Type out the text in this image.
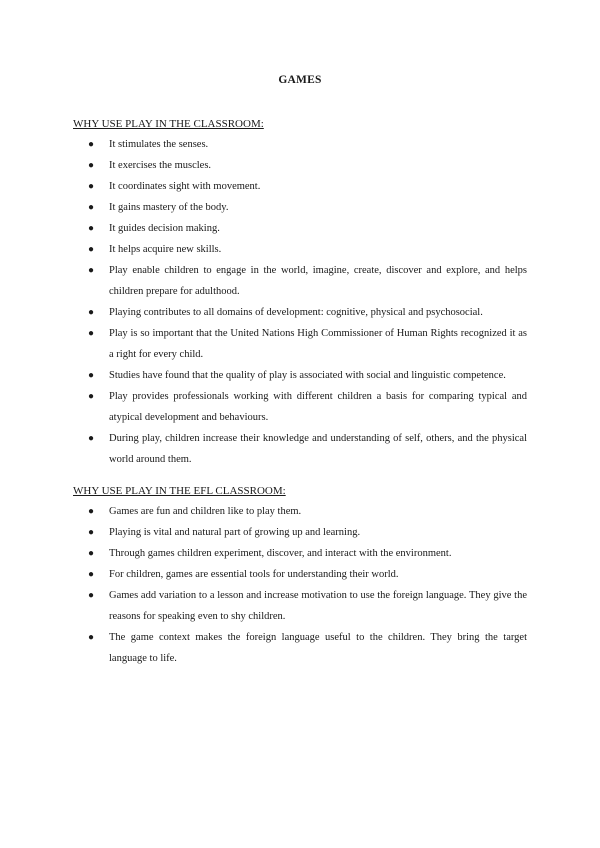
GAMES

WHY USE PLAY IN THE CLASSROOM:

● It stimulates the senses.
● It exercises the muscles.
● It coordinates sight with movement.
● It gains mastery of the body.
● It guides decision making.
● It helps acquire new skills.
● Play enable children to engage in the world, imagine, create, discover and explore, and helps children prepare for adulthood.
● Playing contributes to all domains of development: cognitive, physical and psychosocial.
● Play is so important that the United Nations High Commissioner of Human Rights recognized it as a right for every child.
● Studies have found that the quality of play is associated with social and linguistic competence.
● Play provides professionals working with different children a basis for comparing typical and atypical development and behaviours.
● During play, children increase their knowledge and understanding of self, others, and the physical world around them.

WHY USE PLAY IN THE EFL CLASSROOM:

● Games are fun and children like to play them.
● Playing is vital and natural part of growing up and learning.
● Through games children experiment, discover, and interact with the environment.
● For children, games are essential tools for understanding their world.
● Games add variation to a lesson and increase motivation to use the foreign language. They give the reasons for speaking even to shy children.
● The game context makes the foreign language useful to the children. They bring the target language to life.
